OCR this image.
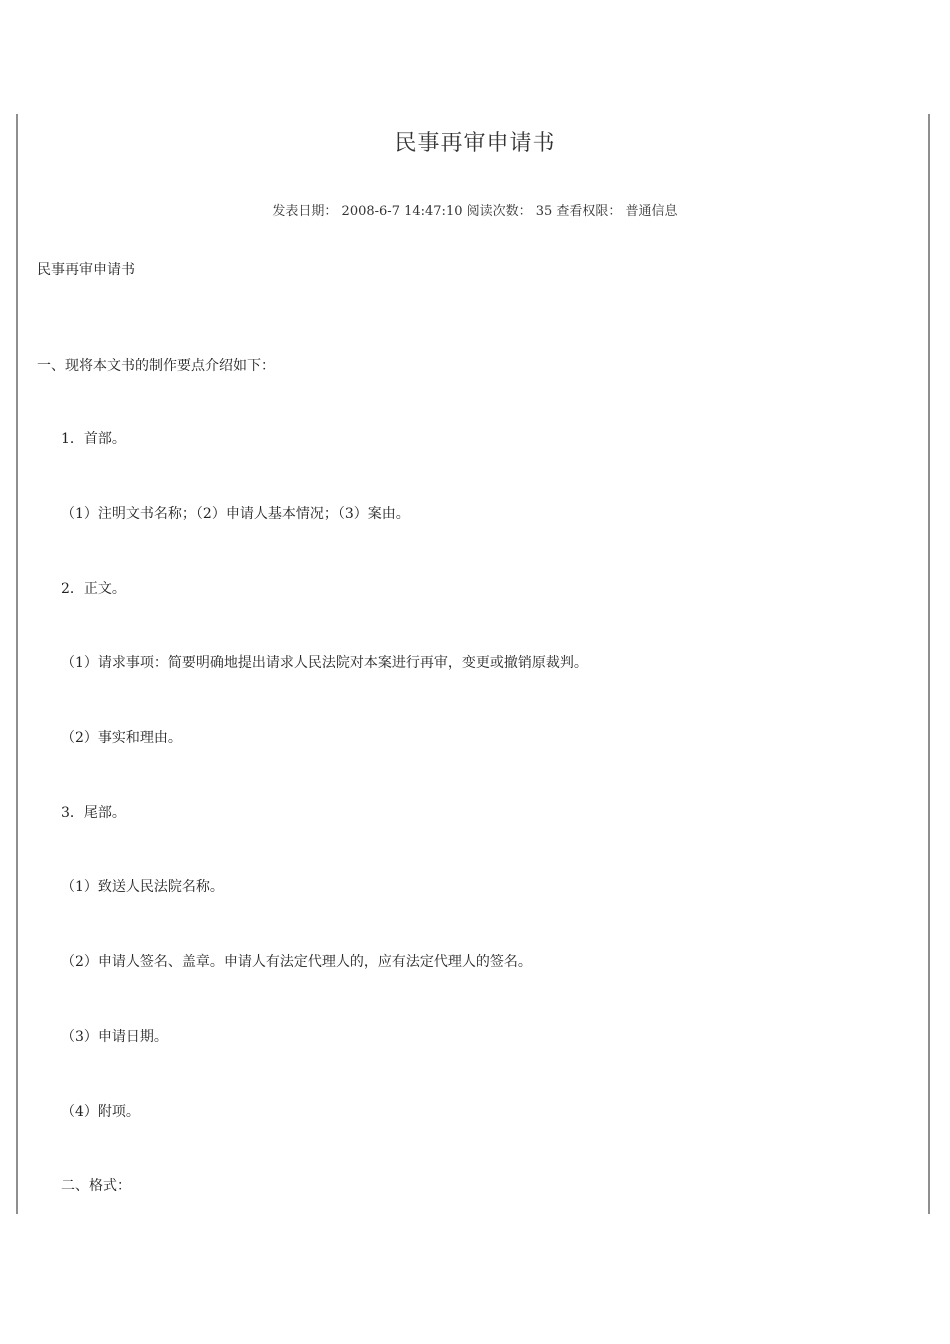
民事再审申请书
发表日期： 2008-6-7 14:47:10 阅读次数： 35 查看权限： 普通信息
民事再审申请书
一、现将本文书的制作要点介绍如下：
1．首部。
（1）注明文书名称；（2）申请人基本情况；（3）案由。
2．正文。
（1）请求事项：简要明确地提出请求人民法院对本案进行再审，变更或撤销原裁判。
（2）事实和理由。
3．尾部。
（1）致送人民法院名称。
（2）申请人签名、盖章。申请人有法定代理人的，应有法定代理人的签名。
（3）申请日期。
（4）附项。
二、格式：
